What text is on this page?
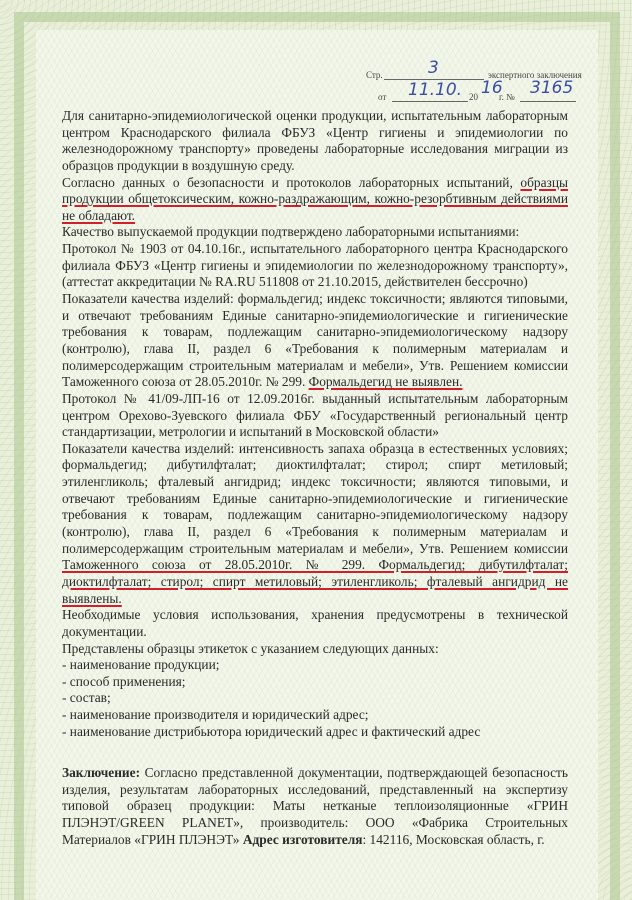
Стр.	3	экспертного заключения
от 11.10. 20 16
г. № 3165
Для санитарно-эпидемиологической оценки продукции, испытательным лабораторным
центром Краснодарского филиала ФБУЗ «Центр гигиены и эпидемиологии по
железнодорожному транспорту» проведены лабораторные исследования миграции из
образцов продукции в воздушную среду.
Согласно данных о безопасности и протоколов лабораторных испытаний, образцы
продукции общетоксическим, кожно-раздражающим, кожно-резорбтивным действиями
не обладают.
Качество выпускаемой продукции подтверждено лабораторными испытаниями:
Протокол № 1903 от 04.10.16г., испытательного лабораторного центра Краснодарского
филиала ФБУЗ «Центр гигиены и эпидемиологии по железнодорожному транспорту»,
(аттестат аккредитации № RA.RU 511808 от 21.10.2015, действителен бессрочно)
Показатели качества изделий: формальдегид; индекс токсичности; являются типовыми,
и отвечают требованиям Единые санитарно-эпидемиологические и гигиенические
требования к товарам, подлежащим санитарно-эпидемиологическому надзору
(контролю), глава II, раздел 6 «Требования к полимерным материалам и
полимерсодержащим строительным материалам и мебели», Утв. Решением комиссии
Таможенного союза от 28.05.2010г. № 299. Формальдегид не выявлен.
Протокол № 41/09-ЛП-16 от 12.09.2016г. выданный испытательным лабораторным
центром Орехово-Зуевского филиала ФБУ «Государственный региональный центр
стандартизации, метрологии и испытаний в Московской области»
Показатели качества изделий: интенсивность запаха образца в естественных условиях;
формальдегид; дибутилфталат; диоктилфталат; стирол; спирт метиловый;
этиленгликоль; фталевый ангидрид; индекс токсичности; являются типовыми, и
отвечают требованиям Единые санитарно-эпидемиологические и гигиенические
требования к товарам, подлежащим санитарно-эпидемиологическому надзору
(контролю), глава II, раздел 6 «Требования к полимерным материалам и
полимерсодержащим строительным материалам и мебели», Утв. Решением комиссии
Таможенного союза от 28.05.2010г. № 299. Формальдегид; дибутилфталат;
диоктилфталат; стирол; спирт метиловый; этиленгликоль; фталевый ангидрид не
выявлены.
Необходимые условия использования, хранения предусмотрены в технической
документации.
Представлены образцы этикеток с указанием следующих данных:
- наименование продукции;
- способ применения;
- состав;
- наименование производителя и юридический адрес;
- наименование дистрибьютора юридический адрес и фактический адрес
Заключение: Согласно представленной документации, подтверждающей безопасность
изделия, результатам лабораторных исследований, представленный на экспертизу
типовой образец продукции: Маты нетканые теплоизоляционные «ГРИН
ПЛЭНЭТ/GREEN PLANET», производитель: ООО «Фабрика Строительных
Материалов «ГРИН ПЛЭНЭТ» Адрес изготовителя: 142116, Московская область, г.
